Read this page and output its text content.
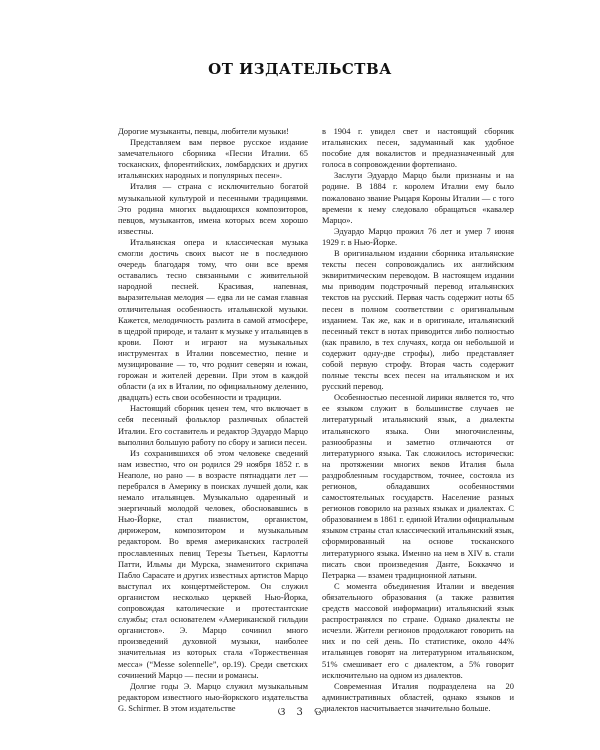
ОТ ИЗДАТЕЛЬСТВА

Дорогие музыканты, певцы, любители музыки!

Представляем вам первое русское издание замечательного сборника «Песни Италии. 65 тосканских, флорентийских, ломбардских и других итальянских народных и популярных песен».

Италия — страна с исключительно богатой музыкальной культурой и песенными традициями. Это родина многих выдающихся композиторов, певцов, музыкантов, имена которых всем хорошо известны.

Итальянская опера и классическая музыка смогли достичь своих высот не в последнюю очередь благодаря тому, что они все время оставались тесно связанными с живительной народной песней. Красивая, напевная, выразительная мелодия — едва ли не самая главная отличительная особенность итальянской музыки. Кажется, мелодичность разлита в самой атмосфере, в щедрой природе, и талант к музыке у итальянцев в крови. Поют и играют на музыкальных инструментах в Италии повсеместно, пение и музицирование — то, что роднит северян и южан, горожан и жителей деревни. При этом в каждой области (а их в Италии, по официальному делению, двадцать) есть свои особенности и традиции.

Настоящий сборник ценен тем, что включает в себя песенный фольклор различных областей Италии. Его составитель и редактор Эдуардо Марцо выполнил большую работу по сбору и записи песен.

Из сохранившихся об этом человеке сведений нам известно, что он родился 29 ноября 1852 г. в Неаполе, но рано — в возрасте пятнадцати лет — перебрался в Америку в поисках лучшей доли, как немало итальянцев. Музыкально одаренный и энергичный молодой человек, обосновавшись в Нью-Йорке, стал пианистом, органистом, дирижером, композитором и музыкальным редактором. Во время американских гастролей прославленных певиц Терезы Тьетьен, Карлотты Патти, Ильмы ди Мурска, знаменитого скрипача Пабло Сарасате и других известных артистов Марцо выступал их концертмейстером. Он служил органистом несколько церквей Нью-Йорка, сопровождая католические и протестантские службы; стал основателем «Американской гильдии органистов». Э. Марцо сочинил много произведений духовной музыки, наиболее значительная из которых стала «Торжественная месса» (“Messe solennelle”, op.19). Среди светских сочинений Марцо — песни и романсы.

Долгие годы Э. Марцо служил музыкальным редактором известного нью-йоркского издательства G. Schirmer. В этом издательстве

в 1904 г. увидел свет и настоящий сборник итальянских песен, задуманный как удобное пособие для вокалистов и предназначенный для голоса в сопровождении фортепиано.

Заслуги Эдуардо Марцо были признаны и на родине. В 1884 г. королем Италии ему было пожаловано звание Рыцаря Короны Италии — с того времени к нему следовало обращаться «кавалер Марцо».

Эдуардо Марцо прожил 76 лет и умер 7 июня 1929 г. в Нью-Йорке.

В оригинальном издании сборника итальянские тексты песен сопровождались их английским эквиритмическим переводом. В настоящем издании мы приводим подстрочный перевод итальянских текстов на русский. Первая часть содержит ноты 65 песен в полном соответствии с оригинальным изданием. Так же, как и в оригинале, итальянский песенный текст в нотах приводится либо полностью (как правило, в тех случаях, когда он небольшой и содержит одну-две строфы), либо представляет собой первую строфу. Вторая часть содержит полные тексты всех песен на итальянском и их русский перевод.

Особенностью песенной лирики является то, что ее языком служит в большинстве случаев не литературный итальянский язык, а диалекты итальянского языка. Они многочисленны, разнообразны и заметно отличаются от литературного языка. Так сложилось исторически: на протяжении многих веков Италия была раздробленным государством, точнее, состояла из регионов, обладавших особенностями самостоятельных государств. Население разных регионов говорило на разных языках и диалектах. С образованием в 1861 г. единой Италии официальным языком страны стал классический итальянский язык, сформированный на основе тосканского литературного языка. Именно на нем в XIV в. стали писать свои произведения Данте, Боккаччо и Петрарка — взамен традиционной латыни.

С момента объединения Италии и введения обязательного образования (а также развития средств массовой информации) итальянский язык распространялся по стране. Однако диалекты не исчезли. Жители регионов продолжают говорить на них и по сей день. По статистике, около 44% итальянцев говорят на литературном итальянском, 51% смешивает его с диалектом, а 5% говорит исключительно на одном из диалектов.

Современная Италия подразделена на 20 административных областей, однако языков и диалектов насчитывается значительно больше.

ଓ 3 ଡ
